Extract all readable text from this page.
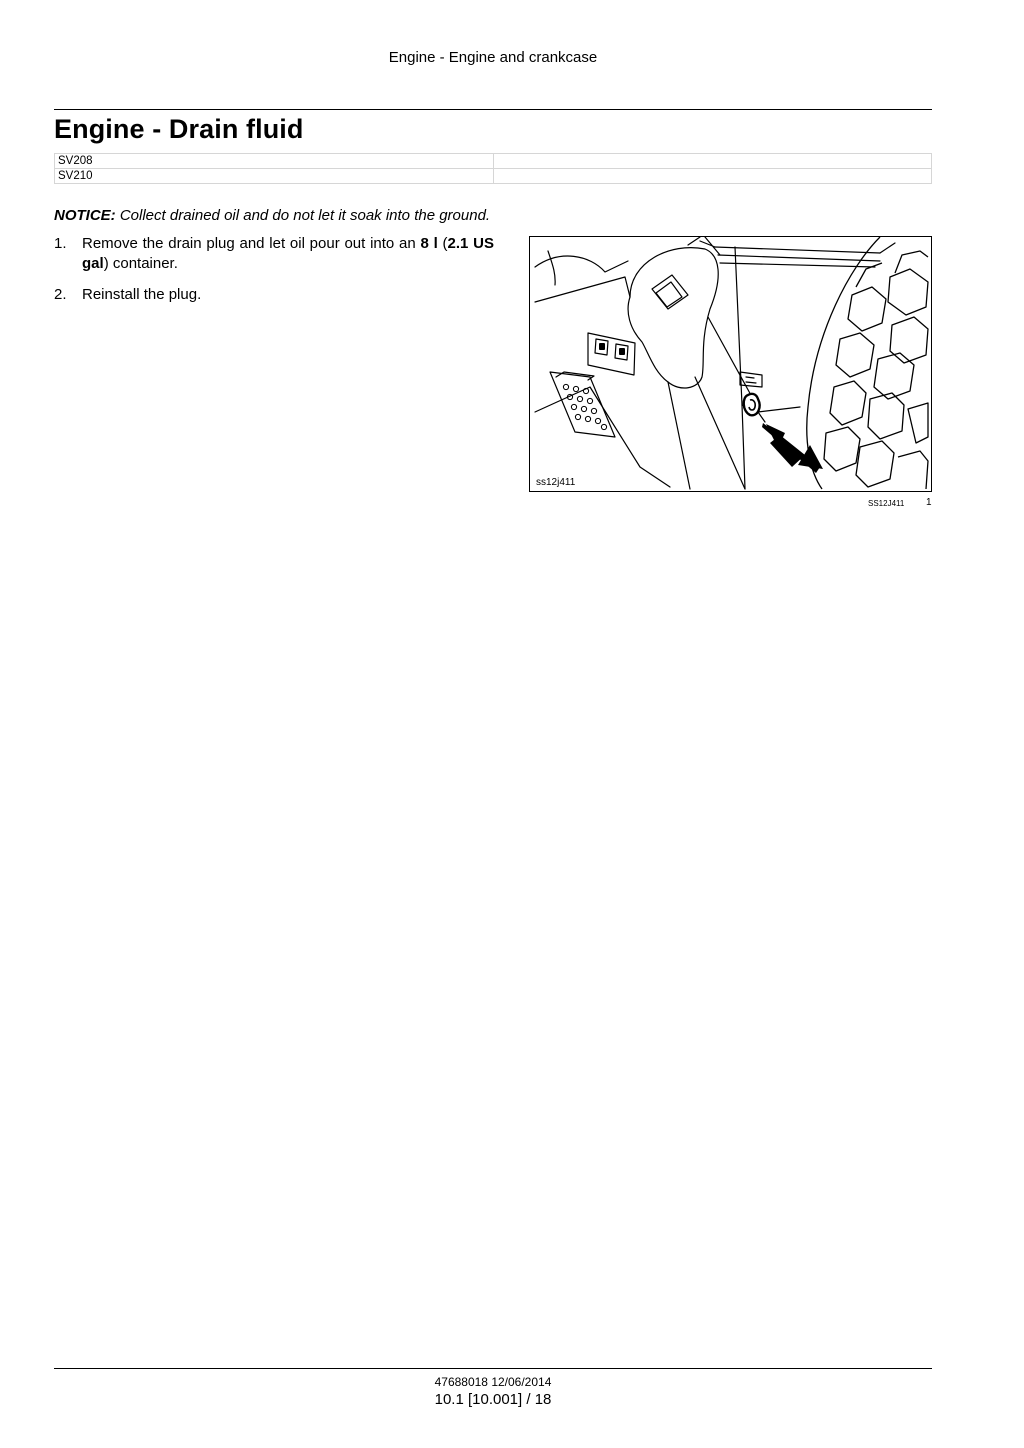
Engine - Engine and crankcase
Engine - Drain fluid
SV208	
SV210	
NOTICE: Collect drained oil and do not let it soak into the ground.
1. Remove the drain plug and let oil pour out into an 8 l (2.1 US gal) container.
2. Reinstall the plug.
ss12j411
SS12J411 1
47688018 12/06/2014
10.1 [10.001] / 18
